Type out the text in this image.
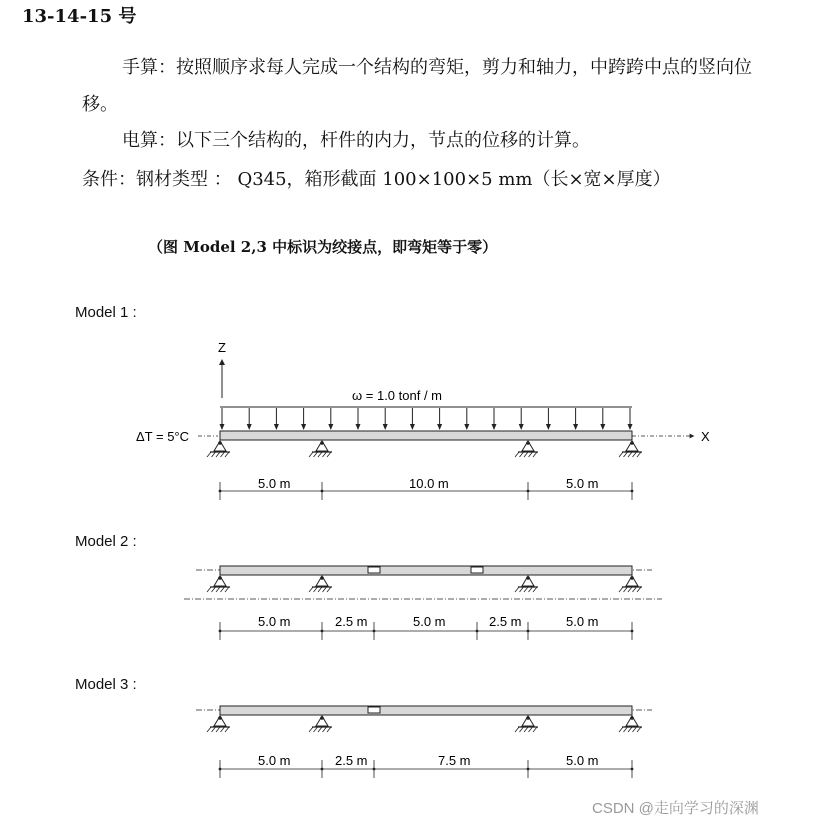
13-14-15 号
手算：按照顺序求每人完成一个结构的弯矩，剪力和轴力，中跨跨中点的竖向位
移。
电算：以下三个结构的，杆件的内力，节点的位移的计算。
条件：钢材类型 ： Q345，箱形截面 100×100×5 mm（长×宽×厚度）
（图 Model 2,3 中标识为绞接点，即弯矩等于零）
Model 1 :
Model 2 :
Model 3 :
CSDN @走向学习的深渊
Z
ω = 1.0 tonf / m
ΔT = 5°C	X
5.0 m	10.0 m	5.0 m
5.0 m	2.5 m	5.0 m	2.5 m	5.0 m
5.0 m	2.5 m	7.5 m	5.0 m
